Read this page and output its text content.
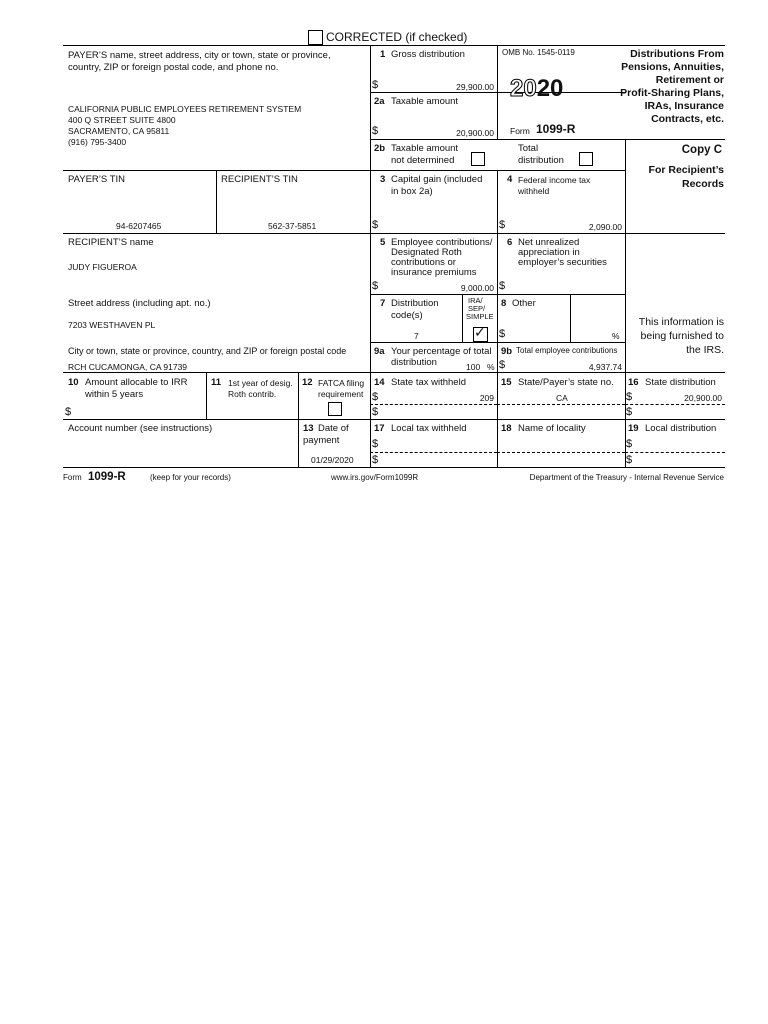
CORRECTED (if checked)
PAYER’S name, street address, city or town, state or province,
country, ZIP or foreign postal code, and phone no.
CALIFORNIA PUBLIC EMPLOYEES RETIREMENT SYSTEM
400 Q STREET SUITE 4800
SACRAMENTO, CA 95811
(916) 795-3400
1 Gross distribution
$	29,900.00
OMB No. 1545-0119
2020
Form 1099-R
2a Taxable amount
$	20,900.00
Distributions From
Pensions, Annuities,
Retirement or
Profit-Sharing Plans,
IRAs, Insurance
Contracts, etc.
2b Taxable amount
not determined
Total
distribution
Copy C
For Recipient’s
Records
PAYER’S TIN
94-6207465
RECIPIENT’S TIN
562-37-5851
3 Capital gain (included
in box 2a)
$
4 Federal income tax
withheld
$	2,090.00
RECIPIENT’S name
JUDY FIGUEROA
Street address (including apt. no.)
7203 WESTHAVEN PL
City or town, state or province, country, and ZIP or foreign postal code
RCH CUCAMONGA, CA 91739
5 Employee contributions/
Designated Roth
contributions or
insurance premiums
$	9,000.00
6 Net unrealized
appreciation in
employer’s securities
$
7 Distribution
code(s)
7
IRA/
SEP/
SIMPLE
✓
8 Other
$	%
This information is
being furnished to
the IRS.
9a Your percentage of total
distribution	100 %
9b Total employee contributions
$	4,937.74
10 Amount allocable to IRR
within 5 years
$
11 1st year of desig.
Roth contrib.
12 FATCA filing
requirement
14 State tax withheld
$	209
$
15 State/Payer’s state no.
CA
16 State distribution
$	20,900.00
$
Account number (see instructions)	13 Date of
payment
01/29/2020
17 Local tax withheld
$
$
18 Name of locality	19 Local distribution
$
$
Form 1099-R	(keep for your records)	www.irs.gov/Form1099R	Department of the Treasury - Internal Revenue Service
